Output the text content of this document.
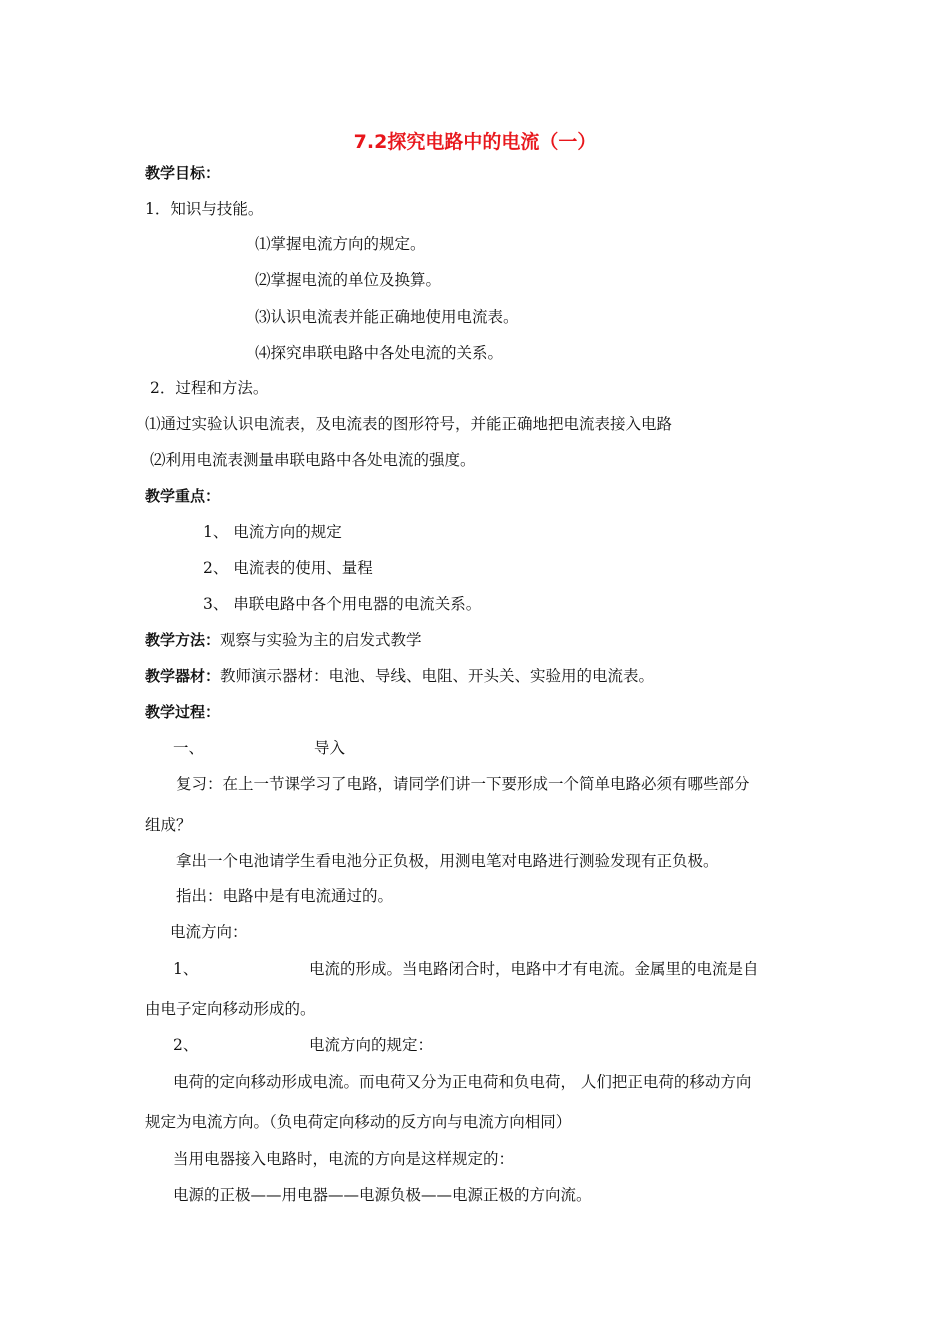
7.2探究电路中的电流（一）
教学目标：
1．知识与技能。
⑴掌握电流方向的规定。
⑵掌握电流的单位及换算。
⑶认识电流表并能正确地使用电流表。
⑷探究串联电路中各处电流的关系。
2．过程和方法。
⑴通过实验认识电流表，及电流表的图形符号，并能正确地把电流表接入电路
⑵利用电流表测量串联电路中各处电流的强度。
教学重点：
1、 电流方向的规定
2、 电流表的使用、量程
3、 串联电路中各个用电器的电流关系。
教学方法：观察与实验为主的启发式教学
教学器材：教师演示器材：电池、导线、电阻、开头关、实验用的电流表。
教学过程：
一、	导入
复习：在上一节课学习了电路，请同学们讲一下要形成一个简单电路必须有哪些部分
组成？
拿出一个电池请学生看电池分正负极，用测电笔对电路进行测验发现有正负极。
指出：电路中是有电流通过的。
电流方向：
1、	电流的形成。当电路闭合时，电路中才有电流。金属里的电流是自
由电子定向移动形成的。
2、	电流方向的规定：
电荷的定向移动形成电流。而电荷又分为正电荷和负电荷， 人们把正电荷的移动方向
规定为电流方向。（负电荷定向移动的反方向与电流方向相同）
当用电器接入电路时，电流的方向是这样规定的：
电源的正极——用电器——电源负极——电源正极的方向流。
